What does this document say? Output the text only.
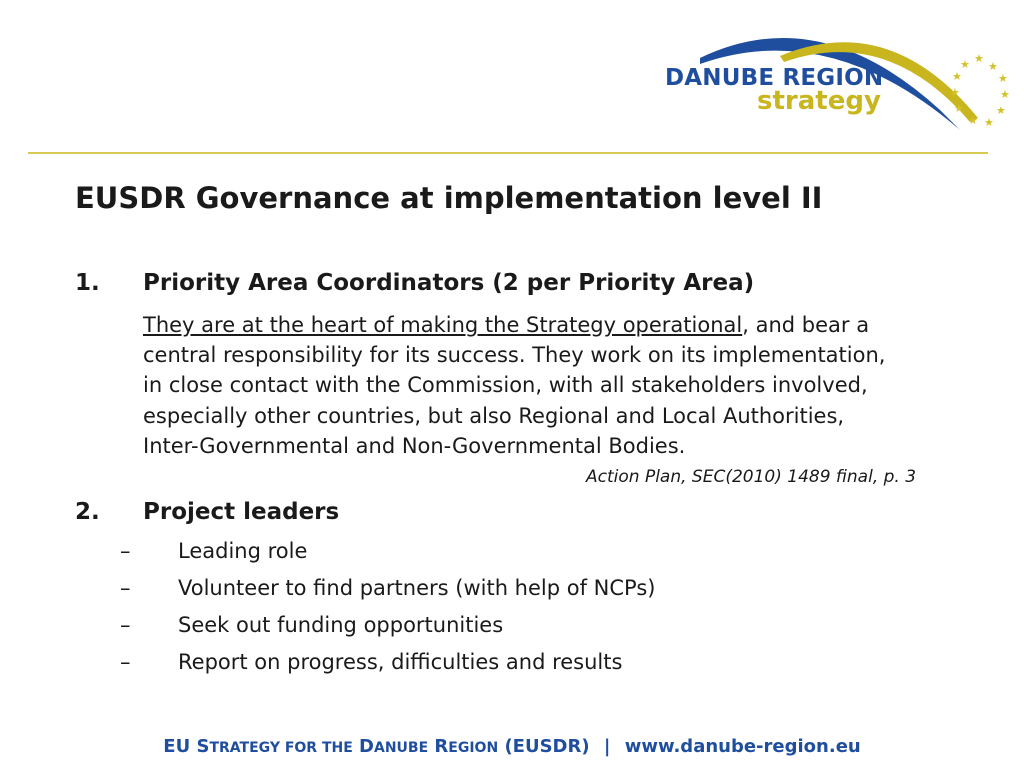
★ ★
★
★
★
★
★
★
★
★
★
DANUBE REGION
strategy
EUSDR Governance at implementation level II
1. Priority Area Coordinators (2 per Priority Area)

They are at the heart of making the Strategy operational, and bear a

central responsibility for its success. They work on its implementation,

in close contact with the Commission, with all stakeholders involved,

especially other countries, but also Regional and Local Authorities,

Inter-Governmental and Non-Governmental Bodies.

Action Plan, SEC(2010) 1489 final, p. 3
2. Project leaders
– Leading role
– Volunteer to find partners (with help of NCPs)
– Seek out funding opportunities
– Report on progress, difficulties and results
EU STRATEGY FOR THE DANUBE REGION (EUSDR) | www.danube-region.eu
